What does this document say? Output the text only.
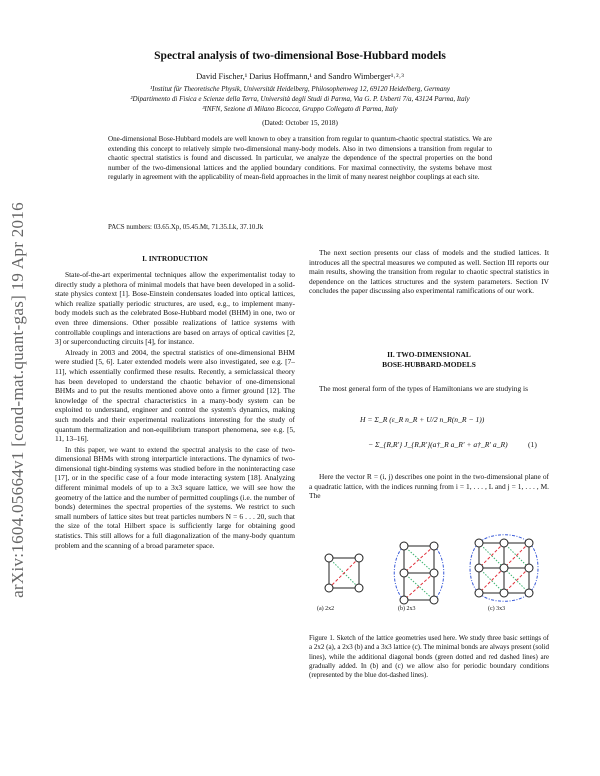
arXiv:1604.05664v1 [cond-mat.quant-gas] 19 Apr 2016
Spectral analysis of two-dimensional Bose-Hubbard models
David Fischer,¹ Darius Hoffmann,¹ and Sandro Wimberger¹˒²˒³
¹Institut für Theoretische Physik, Universität Heidelberg, Philosophenweg 12, 69120 Heidelberg, Germany
²Dipartimento di Fisica e Scienze della Terra, Università degli Studi di Parma, Via G. P. Usberti 7/a, 43124 Parma, Italy
³INFN, Sezione di Milano Bicocca, Gruppo Collegato di Parma, Italy
(Dated: October 15, 2018)
One-dimensional Bose-Hubbard models are well known to obey a transition from regular to quantum-chaotic spectral statistics. We are extending this concept to relatively simple two-dimensional many-body models. Also in two dimensions a transition from regular to chaotic spectral statistics is found and discussed. In particular, we analyze the dependence of the spectral properties on the bond number of the two-dimensional lattices and the applied boundary conditions. For maximal connectivity, the systems behave most regularly in agreement with the applicability of mean-field approaches in the limit of many nearest neighbor couplings at each site.
PACS numbers: 03.65.Xp, 05.45.Mt, 71.35.Lk, 37.10.Jk
I. INTRODUCTION

State-of-the-art experimental techniques allow the experimentalist today to directly study a plethora of minimal models that have been developed in a solid-state physics context [1]. Bose-Einstein condensates loaded into optical lattices, which realize spatially periodic structures, are used, e.g., to implement many-body models such as the celebrated Bose-Hubbard model (BHM) in one, two or even three dimensions. Other possible realizations of lattice systems with controllable couplings and interactions are based on arrays of optical cavities [2, 3] or superconducting circuits [4], for instance.

Already in 2003 and 2004, the spectral statistics of one-dimensional BHM were studied [5, 6]. Later extended models were also investigated, see e.g. [7–11], which essentially confirmed these results. Recently, a semiclassical theory has been developed to understand the chaotic behavior of one-dimensional BHMs and to put the results mentioned above onto a firmer ground [12]. The knowledge of the spectral characteristics in a many-body system can be exploited to understand, engineer and control the system's dynamics, making such models and their experimental realizations interesting for the study of quantum thermalization and non-equilibrium transport phenomena, see e.g. [5, 11, 13–16].

In this paper, we want to extend the spectral analysis to the case of two-dimensional BHMs with strong interparticle interactions. The dynamics of two-dimensional tight-binding systems was studied before in the noninteracting case [17], or in the specific case of a four mode interacting system [18]. Analyzing different minimal models of up to a 3x3 square lattice, we will see how the geometry of the lattice and the number of permitted couplings (i.e. the number of bonds) determines the spectral properties of the systems. We restrict to such small numbers of lattice sites but treat particles numbers N = 6 . . . 20, such that the size of the total Hilbert space is sufficiently large for obtaining good statistics. This still allows for a full diagonalization of the many-body quantum problem and the scanning of a broad parameter space.

The next section presents our class of models and the studied lattices. It introduces all the spectral measures we computed as well. Section III reports our main results, showing the transition from regular to chaotic spectral statistics in dependence on the lattices structures and the system parameters. Section IV concludes the paper discussing also experimental ramifications of our work.

II. TWO-DIMENSIONAL
BOSE-HUBBARD-MODELS

The most general form of the types of Hamiltonians we are studying is

H = Σ_R (ε_R n_R + U/2 n_R(n_R − 1))
− Σ_{R,R'} J_{R,R'}(a†_R a_R' + a†_R' a_R)	(1)

Here the vector R = (i, j) describes one point in the two-dimensional plane of a quadratic lattice, with the indices running from i = 1, . . . , L and j = 1, . . . , M. The

(a) 2x2	(b) 2x3	(c) 3x3
Figure 1. Sketch of the lattice geometries used here. We study three basic settings of a 2x2 (a), a 2x3 (b) and a 3x3 lattice (c). The minimal bonds are always present (solid lines), while the additional diagonal bonds (green dotted and red dashed lines) are gradually added. In (b) and (c) we allow also for periodic boundary conditions (represented by the blue dot-dashed lines).
